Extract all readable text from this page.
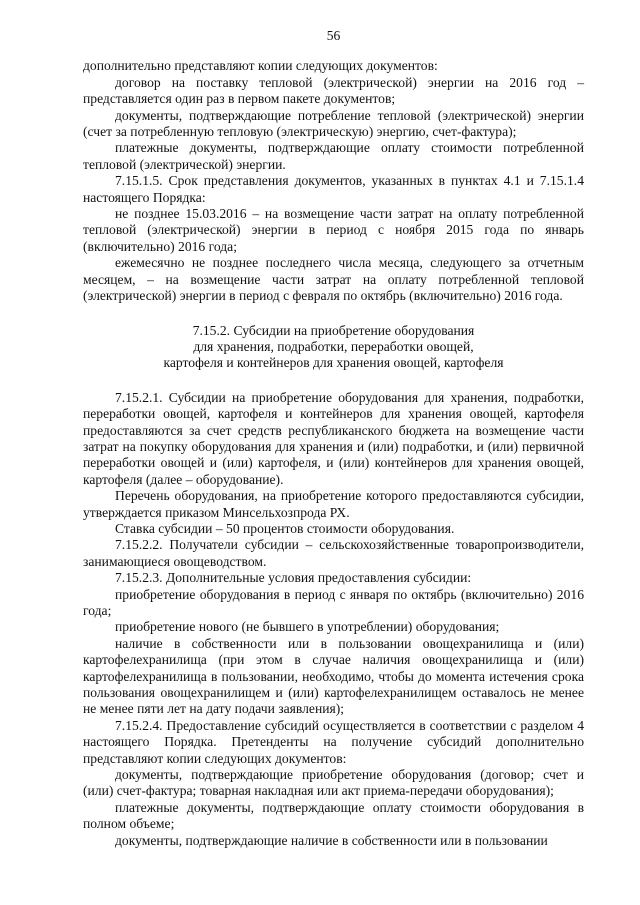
56

дополнительно представляют копии следующих документов:

договор на поставку тепловой (электрической) энергии на 2016 год – представляется один раз в первом пакете документов;

документы, подтверждающие потребление тепловой (электрической) энергии (счет за потребленную тепловую (электрическую) энергию, счет-фактура);

платежные документы, подтверждающие оплату стоимости потребленной тепловой (электрической) энергии.

7.15.1.5. Срок представления документов, указанных в пунктах 4.1 и 7.15.1.4 настоящего Порядка:

не позднее 15.03.2016 – на возмещение части затрат на оплату потребленной тепловой (электрической) энергии в период с ноября 2015 года по январь (включительно) 2016 года;

ежемесячно не позднее последнего числа месяца, следующего за отчетным месяцем, – на возмещение части затрат на оплату потребленной тепловой (электрической) энергии в период с февраля по октябрь (включительно) 2016 года.

7.15.2. Субсидии на приобретение оборудования
для хранения, подработки, переработки овощей,
картофеля и контейнеров для хранения овощей, картофеля

7.15.2.1. Субсидии на приобретение оборудования для хранения, подработки, переработки овощей, картофеля и контейнеров для хранения овощей, картофеля предоставляются за счет средств республиканского бюджета на возмещение части затрат на покупку оборудования для хранения и (или) подработки, и (или) первичной переработки овощей и (или) картофеля, и (или) контейнеров для хранения овощей, картофеля (далее – оборудование).

Перечень оборудования, на приобретение которого предоставляются субсидии, утверждается приказом Минсельхозпрода РХ.

Ставка субсидии – 50 процентов стоимости оборудования.

7.15.2.2. Получатели субсидии – сельскохозяйственные товаропроизводители, занимающиеся овощеводством.

7.15.2.3. Дополнительные условия предоставления субсидии:

приобретение оборудования в период с января по октябрь (включительно) 2016 года;

приобретение нового (не бывшего в употреблении) оборудования;

наличие в собственности или в пользовании овощехранилища и (или) картофелехранилища (при этом в случае наличия овощехранилища и (или) картофелехранилища в пользовании, необходимо, чтобы до момента истечения срока пользования овощехранилищем и (или) картофелехранилищем оставалось не менее не менее пяти лет на дату подачи заявления);

7.15.2.4. Предоставление субсидий осуществляется в соответствии с разделом 4 настоящего Порядка. Претенденты на получение субсидий дополнительно представляют копии следующих документов:

документы, подтверждающие приобретение оборудования (договор; счет и (или) счет-фактура; товарная накладная или акт приема-передачи оборудования);

платежные документы, подтверждающие оплату стоимости оборудования в полном объеме;

документы, подтверждающие наличие в собственности или в пользовании
